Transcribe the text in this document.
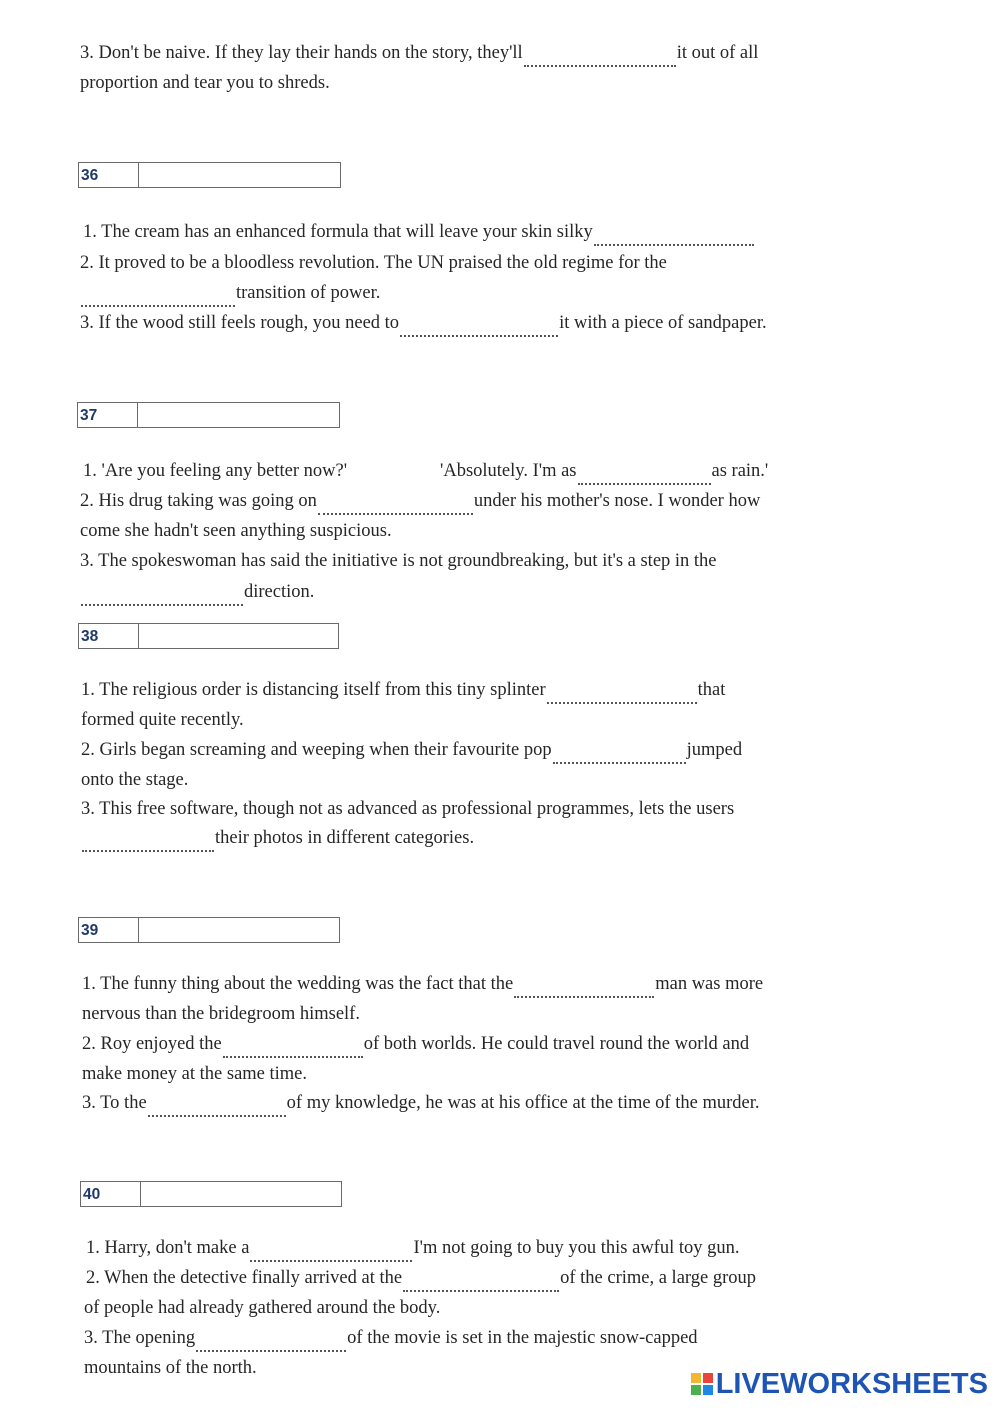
3. Don't be naive. If they lay their hands on the story, they'll	it out of all
proportion and tear you to shreds.
36
1. The cream has an enhanced formula that will leave your skin silky
2. It proved to be a bloodless revolution. The UN praised the old regime for the
transition of power.
3. If the wood still feels rough, you need to	it with a piece of sandpaper.
37
1. 'Are you feeling any better now?'	'Absolutely. I'm as	as rain.'
2. His drug taking was going on	under his mother's nose. I wonder how
come she hadn't seen anything suspicious.
3. The spokeswoman has said the initiative is not groundbreaking, but it's a step in the
direction.
38
1. The religious order is distancing itself from this tiny splinter	that
formed quite recently.
2. Girls began screaming and weeping when their favourite pop	jumped
onto the stage.
3. This free software, though not as advanced as professional programmes, lets the users
their photos in different categories.
39
1. The funny thing about the wedding was the fact that the	man was more
nervous than the bridegroom himself.
2. Roy enjoyed the	of both worlds. He could travel round the world and
make money at the same time.
3. To the	of my knowledge, he was at his office at the time of the murder.
40
1. Harry, don't make a	I'm not going to buy you this awful toy gun.
2. When the detective finally arrived at the	of the crime, a large group
of people had already gathered around the body.
3. The opening	of the movie is set in the majestic snow-capped
mountains of the north.	LIVEWORKSHEETS
